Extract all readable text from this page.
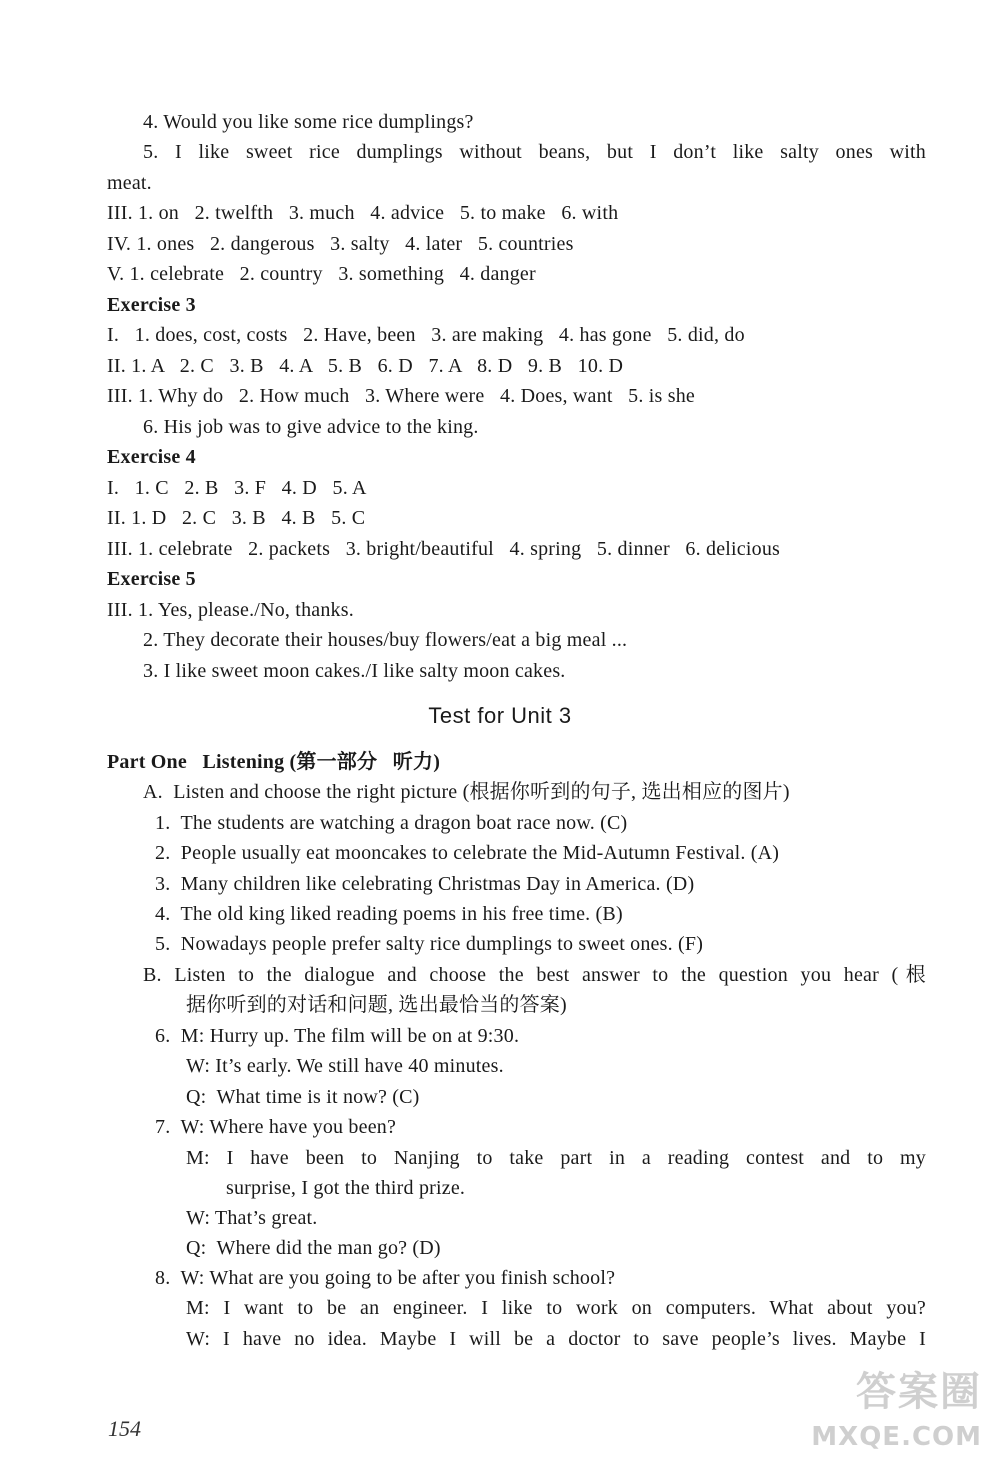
4. Would you like some rice dumplings?
5. I like sweet rice dumplings without beans, but I don’t like salty ones with
meat.
III. 1. on   2. twelfth   3. much   4. advice   5. to make   6. with
IV. 1. ones   2. dangerous   3. salty   4. later   5. countries
V. 1. celebrate   2. country   3. something   4. danger
Exercise 3
I.   1. does, cost, costs   2. Have, been   3. are making   4. has gone   5. did, do
II. 1. A   2. C   3. B   4. A   5. B   6. D   7. A   8. D   9. B   10. D
III. 1. Why do   2. How much   3. Where were   4. Does, want   5. is she
6. His job was to give advice to the king.
Exercise 4
I.   1. C   2. B   3. F   4. D   5. A
II. 1. D   2. C   3. B   4. B   5. C
III. 1. celebrate   2. packets   3. bright/beautiful   4. spring   5. dinner   6. delicious
Exercise 5
III. 1. Yes, please./No, thanks.
2. They decorate their houses/buy flowers/eat a big meal ...
3. I like sweet moon cakes./I like salty moon cakes.
Test for Unit 3
Part One   Listening (第一部分   听力)
A.  Listen and choose the right picture (根据你听到的句子, 选出相应的图片)
1.  The students are watching a dragon boat race now. (C)
2.  People usually eat mooncakes to celebrate the Mid-Autumn Festival. (A)
3.  Many children like celebrating Christmas Day in America. (D)
4.  The old king liked reading poems in his free time. (B)
5.  Nowadays people prefer salty rice dumplings to sweet ones. (F)
B. Listen to the dialogue and choose the best answer to the question you hear (根
据你听到的对话和问题, 选出最恰当的答案)
6.  M: Hurry up. The film will be on at 9:30.
W: It’s early. We still have 40 minutes.
Q:  What time is it now? (C)
7.  W: Where have you been?
M: I have been to Nanjing to take part in a reading contest and to my
surprise, I got the third prize.
W: That’s great.
Q:  Where did the man go? (D)
8.  W: What are you going to be after you finish school?
M: I want to be an engineer. I like to work on computers. What about you?
W: I have no idea. Maybe I will be a doctor to save people’s lives. Maybe I
154
答案圈
MXQE.COM
